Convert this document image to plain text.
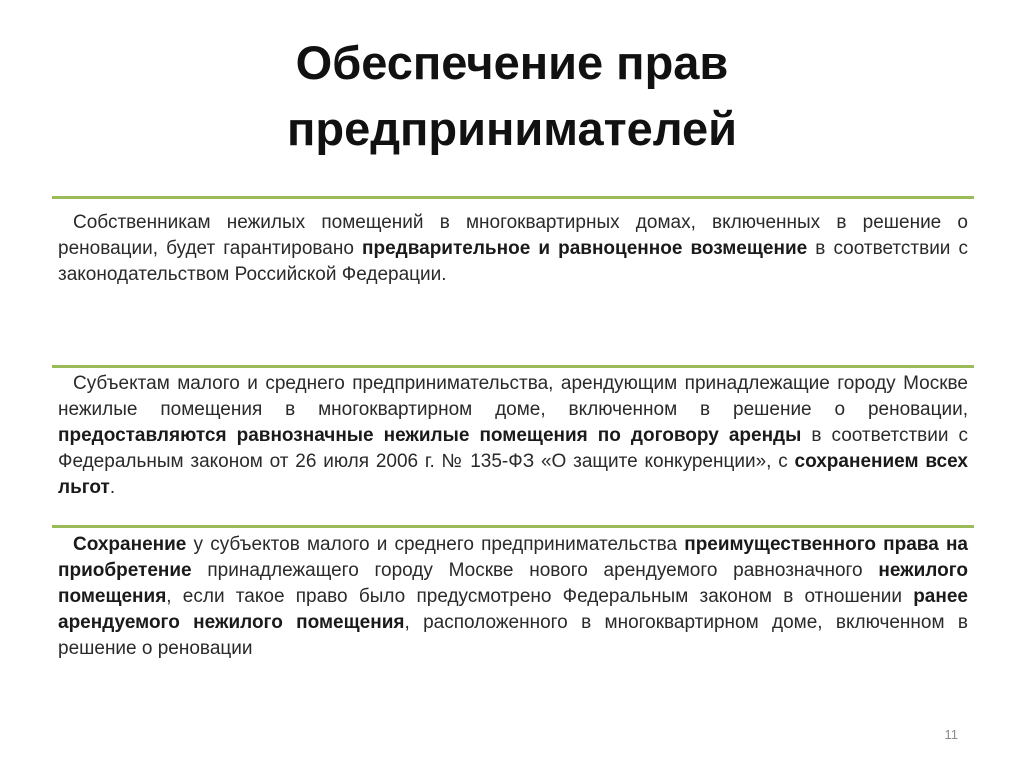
Обеспечение прав
предпринимателей

Собственникам нежилых помещений в многоквартирных домах, включенных в решение о реновации, будет гарантировано предварительное и равноценное возмещение в соответствии с законодательством Российской Федерации.

Субъектам малого и среднего предпринимательства, арендующим принадлежащие городу Москве нежилые помещения в многоквартирном доме, включенном в решение о реновации, предоставляются равнозначные нежилые помещения по договору аренды в соответствии с Федеральным законом от 26 июля 2006 г. № 135-ФЗ «О защите конкуренции», с сохранением всех льгот.

Сохранение у субъектов малого и среднего предпринимательства преимущественного права на приобретение принадлежащего городу Москве нового арендуемого равнозначного нежилого помещения, если такое право было предусмотрено Федеральным законом в отношении ранее арендуемого нежилого помещения, расположенного в многоквартирном доме, включенном в решение о реновации

11
